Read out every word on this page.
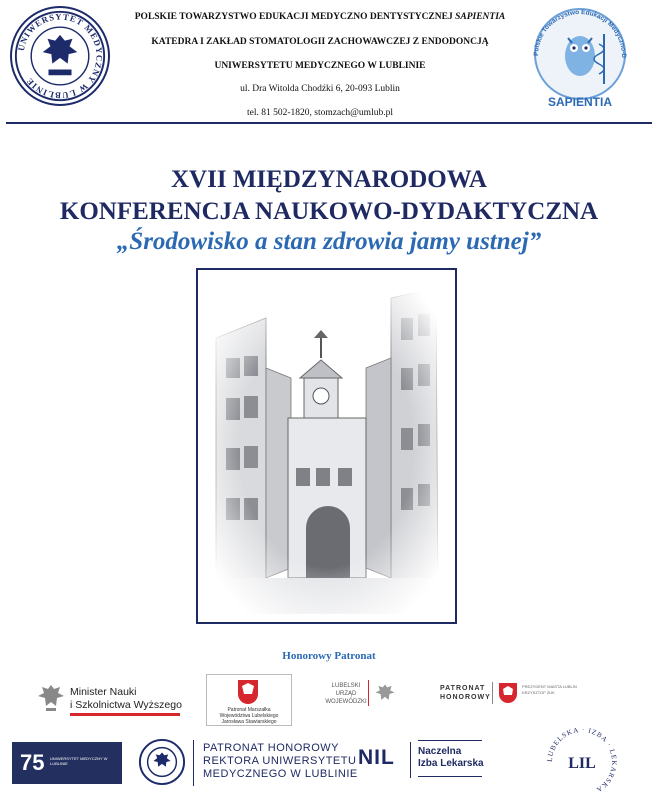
UNIWERSYTET MEDYCZNY W LUBLINIE
POLSKIE TOWARZYSTWO EDUKACJI MEDYCZNO DENTYSTYCZNEJ SAPIENTIA
KATEDRA I ZAKŁAD STOMATOLOGII ZACHOWAWCZEJ Z ENDODONCJĄ
UNIWERSYTETU MEDYCZNEGO W LUBLINIE
ul. Dra Witolda Chodźki 6, 20-093 Lublin
tel. 81 502-1820, stomzach@umlub.pl
Polskie Towarzystwo Edukacji Medyczno-D
SAPIENTIA
XVII MIĘDZYNARODOWA
KONFERENCJA NAUKOWO-DYDAKTYCZNA
„Środowisko a stan zdrowia jamy ustnej”
Honorowy Patronat
Minister Nauki
i Szkolnictwa Wyższego	Patronat Marszałka
Województwa Lubelskiego
Jarosława Stawiarskiego
LUBELSKI
URZĄD
WOJEWÓDZKI
PATRONAT
HONOROWY
PREZYDENT MIASTA LUBLIN
KRZYSZTOF ŻUK
75 UNIWERSYTET MEDYCZNY W LUBLINIE
PATRONAT HONOROWY
REKTORA UNIWERSYTETU
MEDYCZNEGO W LUBLINIE
NIL Naczelna
Izba Lekarska	LUBELSKA · IZBA · LEKARSKA
LIL
